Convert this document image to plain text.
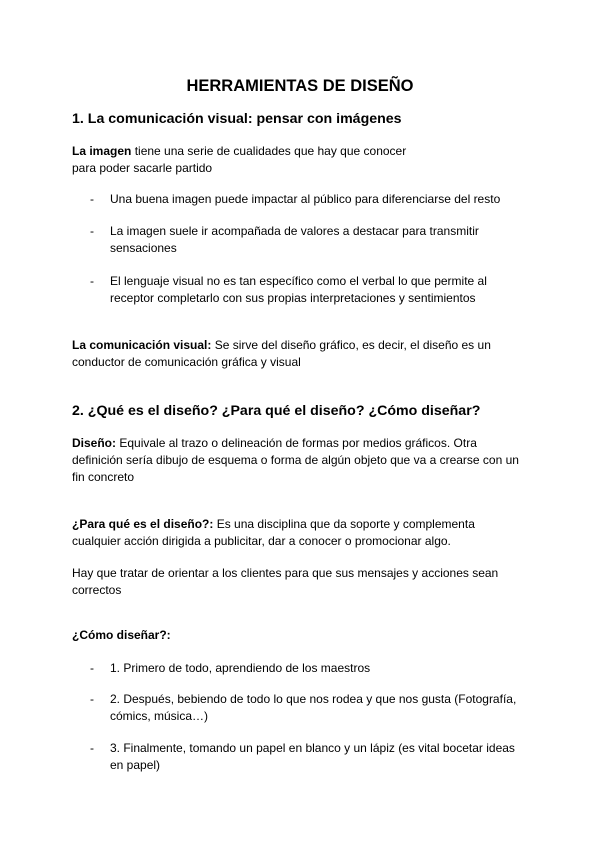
HERRAMIENTAS DE DISEÑO
1. La comunicación visual: pensar con imágenes
La imagen tiene una serie de cualidades que hay que conocer
para poder sacarle partido
- Una buena imagen puede impactar al público para diferenciarse del resto
- La imagen suele ir acompañada de valores a destacar para transmitir
sensaciones
- El lenguaje visual no es tan específico como el verbal lo que permite al
receptor completarlo con sus propias interpretaciones y sentimientos
La comunicación visual: Se sirve del diseño gráfico, es decir, el diseño es un
conductor de comunicación gráfica y visual
2. ¿Qué es el diseño? ¿Para qué el diseño? ¿Cómo diseñar?
Diseño: Equivale al trazo o delineación de formas por medios gráficos. Otra
definición sería dibujo de esquema o forma de algún objeto que va a crearse con un
fin concreto
¿Para qué es el diseño?: Es una disciplina que da soporte y complementa
cualquier acción dirigida a publicitar, dar a conocer o promocionar algo.
Hay que tratar de orientar a los clientes para que sus mensajes y acciones sean
correctos
¿Cómo diseñar?:
- 1. Primero de todo, aprendiendo de los maestros
- 2. Después, bebiendo de todo lo que nos rodea y que nos gusta (Fotografía,
cómics, música…)
- 3. Finalmente, tomando un papel en blanco y un lápiz (es vital bocetar ideas
en papel)
